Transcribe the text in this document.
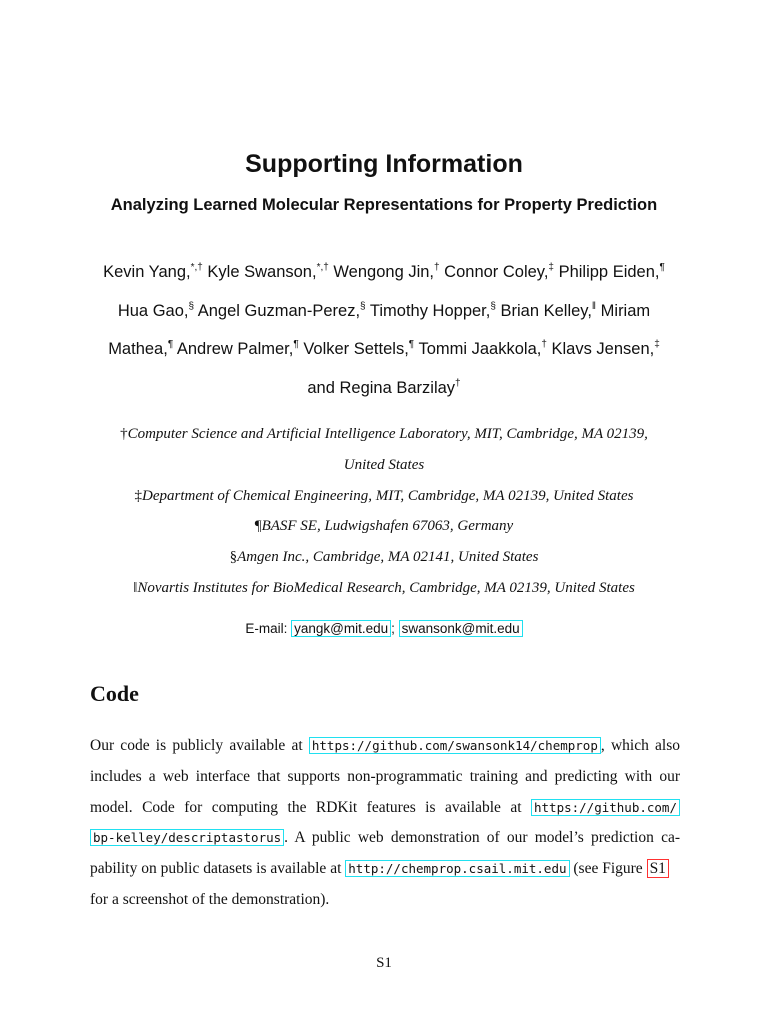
Supporting Information
Analyzing Learned Molecular Representations for Property Prediction
Kevin Yang,*,† Kyle Swanson,*,† Wengong Jin,† Connor Coley,‡ Philipp Eiden,¶
Hua Gao,§ Angel Guzman-Perez,§ Timothy Hopper,§ Brian Kelley,‖ Miriam
Mathea,¶ Andrew Palmer,¶ Volker Settels,¶ Tommi Jaakkola,† Klavs Jensen,‡
and Regina Barzilay†
†Computer Science and Artificial Intelligence Laboratory, MIT, Cambridge, MA 02139,
United States
‡Department of Chemical Engineering, MIT, Cambridge, MA 02139, United States
¶BASF SE, Ludwigshafen 67063, Germany
§Amgen Inc., Cambridge, MA 02141, United States
‖Novartis Institutes for BioMedical Research, Cambridge, MA 02139, United States
E-mail: yangk@mit.edu ; swansonk@mit.edu
Code
Our code is publicly available at https://github.com/swansonk14/chemprop , which also
includes a web interface that supports non-programmatic training and predicting with our
model. Code for computing the RDKit features is available at https://github.com/
bp-kelley/descriptastorus . A public web demonstration of our model’s prediction ca-
pability on public datasets is available at http://chemprop.csail.mit.edu (see Figure S1
for a screenshot of the demonstration).
S1
